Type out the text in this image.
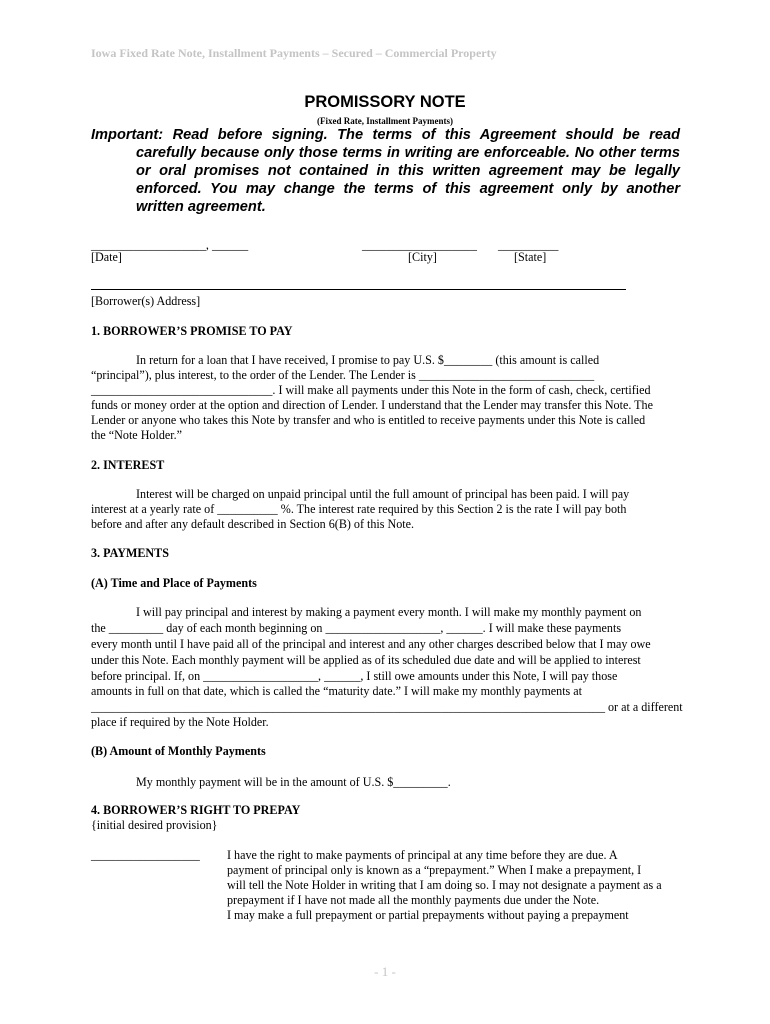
Iowa Fixed Rate Note, Installment Payments – Secured – Commercial Property
PROMISSORY NOTE
(Fixed Rate, Installment Payments)
Important: Read before signing. The terms of this Agreement should be read carefully because only those terms in writing are enforceable. No other terms or oral promises not contained in this written agreement may be legally enforced. You may change the terms of this agreement only by another written agreement.
___________________, ______	___________________ __________
[Date]	[City]	[State]
[Borrower(s) Address]
1. BORROWER’S PROMISE TO PAY
In return for a loan that I have received, I promise to pay U.S. $________ (this amount is called
“principal”), plus interest, to the order of the Lender. The Lender is _____________________________
______________________________. I will make all payments under this Note in the form of cash, check, certified
funds or money order at the option and direction of Lender. I understand that the Lender may transfer this Note. The
Lender or anyone who takes this Note by transfer and who is entitled to receive payments under this Note is called
the “Note Holder.”
2. INTEREST
Interest will be charged on unpaid principal until the full amount of principal has been paid. I will pay
interest at a yearly rate of __________ %. The interest rate required by this Section 2 is the rate I will pay both
before and after any default described in Section 6(B) of this Note.
3. PAYMENTS
(A) Time and Place of Payments
I will pay principal and interest by making a payment every month. I will make my monthly payment on
the _________ day of each month beginning on ___________________, ______. I will make these payments
every month until I have paid all of the principal and interest and any other charges described below that I may owe
under this Note. Each monthly payment will be applied as of its scheduled due date and will be applied to interest
before principal. If, on ___________________, ______, I still owe amounts under this Note, I will pay those
amounts in full on that date, which is called the “maturity date.” I will make my monthly payments at
_____________________________________________________________________________________ or at a different
place if required by the Note Holder.
(B) Amount of Monthly Payments
My monthly payment will be in the amount of U.S. $_________.
4. BORROWER’S RIGHT TO PREPAY
{initial desired provision}
__________________ I have the right to make payments of principal at any time before they are due. A
payment of principal only is known as a “prepayment.” When I make a prepayment, I
will tell the Note Holder in writing that I am doing so. I may not designate a payment as a
prepayment if I have not made all the monthly payments due under the Note.
I may make a full prepayment or partial prepayments without paying a prepayment
- 1 -
